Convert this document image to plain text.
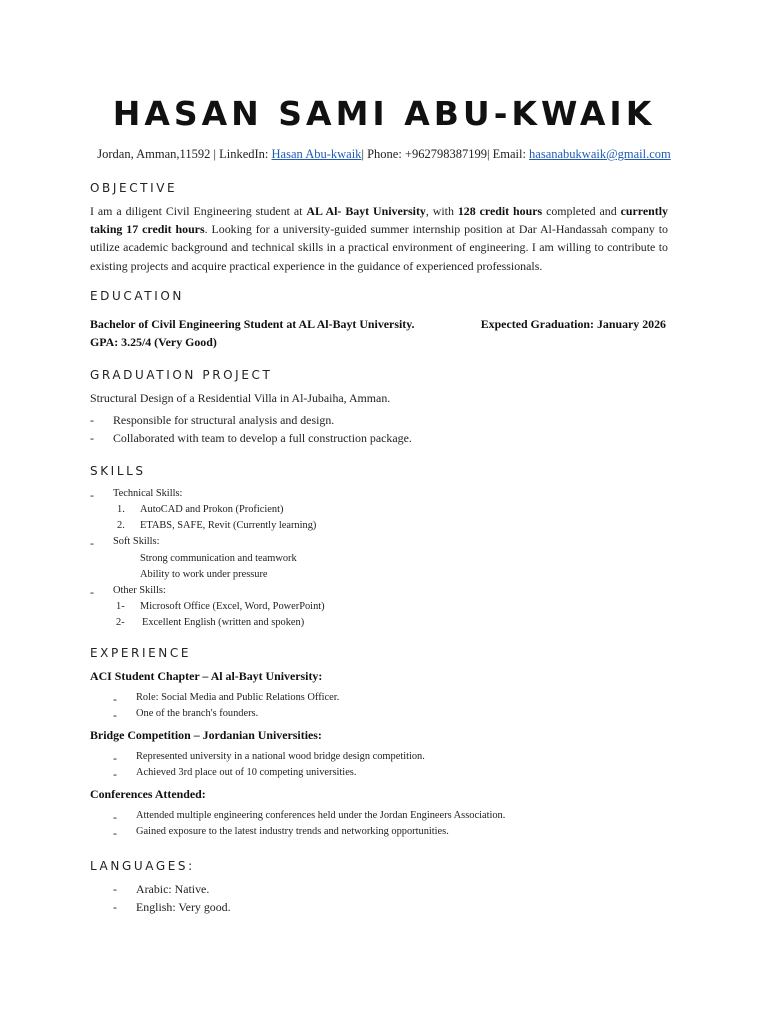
HASAN SAMI ABU-KWAIK
Jordan, Amman,11592 | LinkedIn: Hasan Abu-kwaik| Phone: +962798387199| Email: hasanabukwaik@gmail.com
OBJECTIVE
I am a diligent Civil Engineering student at AL Al- Bayt University, with 128 credit hours completed and currently taking 17 credit hours. Looking for a university-guided summer internship position at Dar Al-Handassah company to utilize academic background and technical skills in a practical environment of engineering. I am willing to contribute to existing projects and acquire practical experience in the guidance of experienced professionals.
EDUCATION
Bachelor of Civil Engineering Student at AL Al-Bayt University.	Expected Graduation: January 2026
GPA: 3.25/4 (Very Good)
GRADUATION PROJECT
Structural Design of a Residential Villa in Al-Jubaiha, Amman.
- Responsible for structural analysis and design.
- Collaborated with team to develop a full construction package.
SKILLS
- Technical Skills:
1. AutoCAD and Prokon (Proficient)
2. ETABS, SAFE, Revit (Currently learning)
- Soft Skills:
Strong communication and teamwork
Ability to work under pressure
- Other Skills:
1- Microsoft Office (Excel, Word, PowerPoint)
2- Excellent English (written and spoken)
EXPERIENCE
ACI Student Chapter – Al al-Bayt University:
- Role: Social Media and Public Relations Officer.
- One of the branch's founders.
Bridge Competition – Jordanian Universities:
- Represented university in a national wood bridge design competition.
- Achieved 3rd place out of 10 competing universities.
Conferences Attended:
- Attended multiple engineering conferences held under the Jordan Engineers Association.
- Gained exposure to the latest industry trends and networking opportunities.
LANGUAGES:
- Arabic: Native.
- English: Very good.
